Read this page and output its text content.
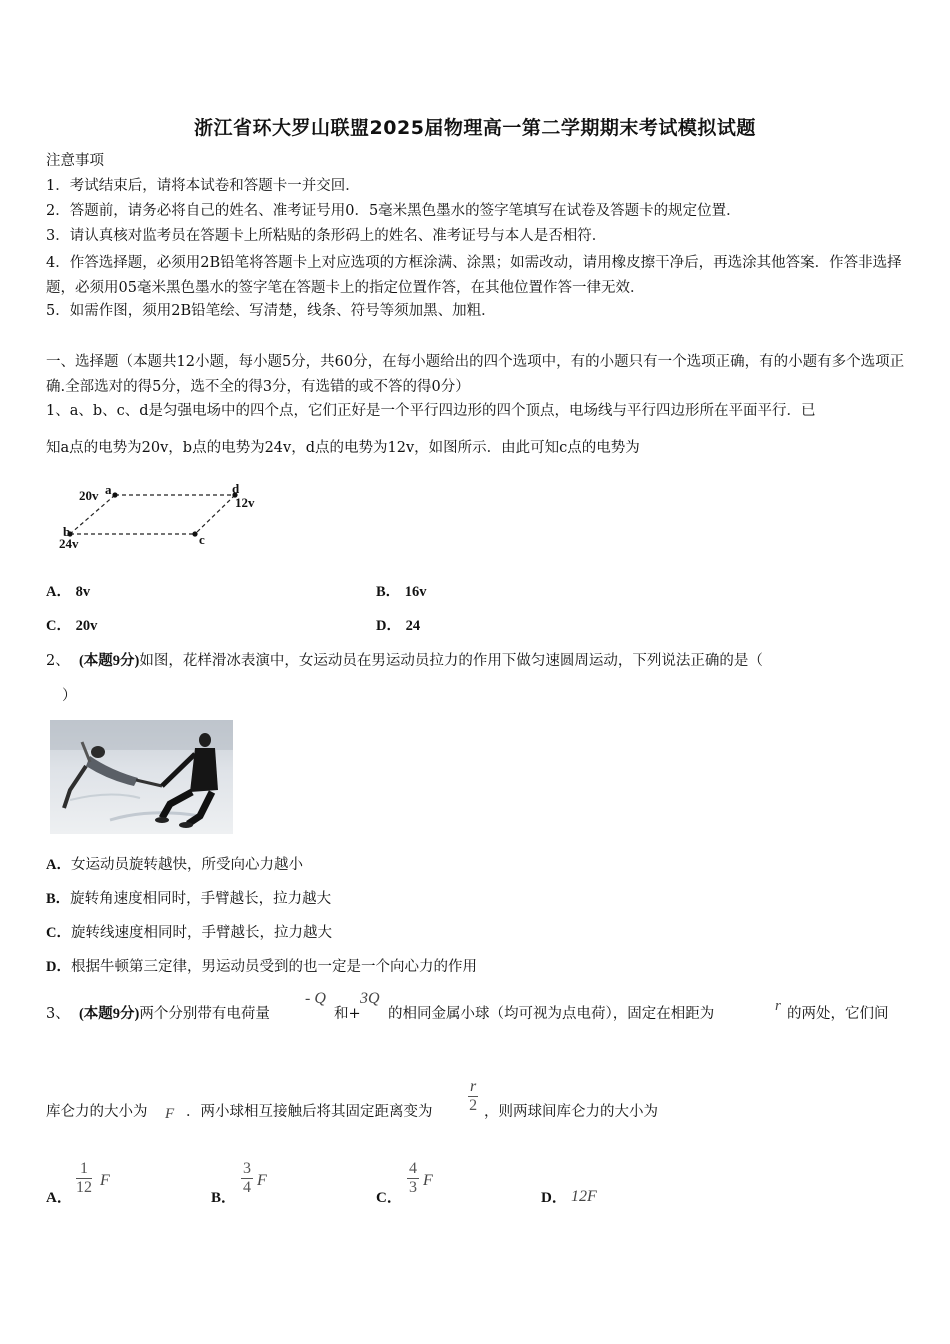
浙江省环大罗山联盟2025届物理高一第二学期期末考试模拟试题
注意事项
1．考试结束后，请将本试卷和答题卡一并交回．
2．答题前，请务必将自己的姓名、准考证号用0．5毫米黑色墨水的签字笔填写在试卷及答题卡的规定位置．
3．请认真核对监考员在答题卡上所粘贴的条形码上的姓名、准考证号与本人是否相符．
4．作答选择题，必须用2B铅笔将答题卡上对应选项的方框涂满、涂黑；如需改动，请用橡皮擦干净后，再选涂其他答案．作答非选择题，必须用05毫米黑色墨水的签字笔在答题卡上的指定位置作答，在其他位置作答一律无效．
5．如需作图，须用2B铅笔绘、写清楚，线条、符号等须加黑、加粗．
一、选择题（本题共12小题，每小题5分，共60分，在每小题给出的四个选项中，有的小题只有一个选项正确，有的小题有多个选项正确.全部选对的得5分，选不全的得3分，有选错的或不答的得0分）
1、a、b、c、d是匀强电场中的四个点，它们正好是一个平行四边形的四个顶点，电场线与平行四边形所在平面平行．已
知a点的电势为20v，b点的电势为24v，d点的电势为12v，如图所示．由此可知c点的电势为
20v a	d
12v
b
24v	c
A． 8v	B． 16v
C． 20v	D． 24
2、 (本题9分)如图，花样滑冰表演中，女运动员在男运动员拉力的作用下做匀速圆周运动，下列说法正确的是（
）
A．女运动员旋转越快，所受向心力越小
B．旋转角速度相同时，手臂越长，拉力越大
C．旋转线速度相同时，手臂越长，拉力越大
D．根据牛顿第三定律，男运动员受到的也一定是一个向心力的作用
3、 (本题9分)两个分别带有电荷量
- Q
和+
3Q
的相同金属小球（均可视为点电荷），固定在相距为	r 的两处，它们间
库仑力的大小为 F ．两小球相互接触后将其固定距离变为 $\frac{r}{2}$ ，则两球间库仑力的大小为
A．
$\frac{1}{12}$ F
B．
$\frac{3}{4}$ F
C．
$\frac{4}{3}$ F
D． 12F
